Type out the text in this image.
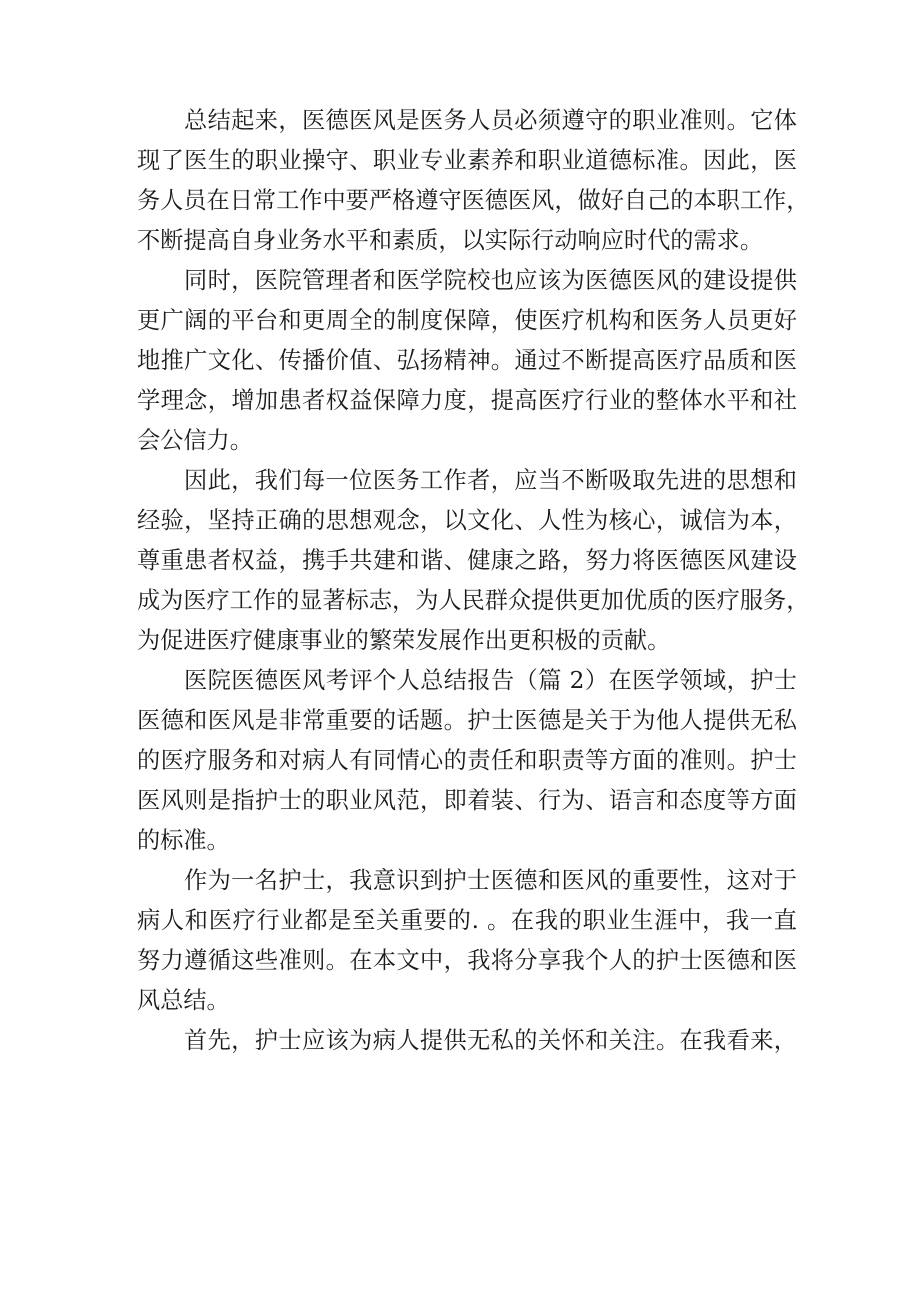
总结起来，医德医风是医务人员必须遵守的职业准则。它体

现了医生的职业操守、职业专业素养和职业道德标准。因此，医

务人员在日常工作中要严格遵守医德医风，做好自己的本职工作，

不断提高自身业务水平和素质，以实际行动响应时代的需求。

同时，医院管理者和医学院校也应该为医德医风的建设提供

更广阔的平台和更周全的制度保障，使医疗机构和医务人员更好

地推广文化、传播价值、弘扬精神。通过不断提高医疗品质和医

学理念，增加患者权益保障力度，提高医疗行业的整体水平和社

会公信力。

因此，我们每一位医务工作者，应当不断吸取先进的思想和

经验，坚持正确的思想观念，以文化、人性为核心，诚信为本，

尊重患者权益，携手共建和谐、健康之路，努力将医德医风建设

成为医疗工作的显著标志，为人民群众提供更加优质的医疗服务，

为促进医疗健康事业的繁荣发展作出更积极的贡献。

医院医德医风考评个人总结报告（篇 2）在医学领域，护士

医德和医风是非常重要的话题。护士医德是关于为他人提供无私

的医疗服务和对病人有同情心的责任和职责等方面的准则。护士

医风则是指护士的职业风范，即着装、行为、语言和态度等方面

的标准。

作为一名护士，我意识到护士医德和医风的重要性，这对于

病人和医疗行业都是至关重要的. 。在我的职业生涯中，我一直

努力遵循这些准则。在本文中，我将分享我个人的护士医德和医

风总结。

首先，护士应该为病人提供无私的关怀和关注。在我看来，
